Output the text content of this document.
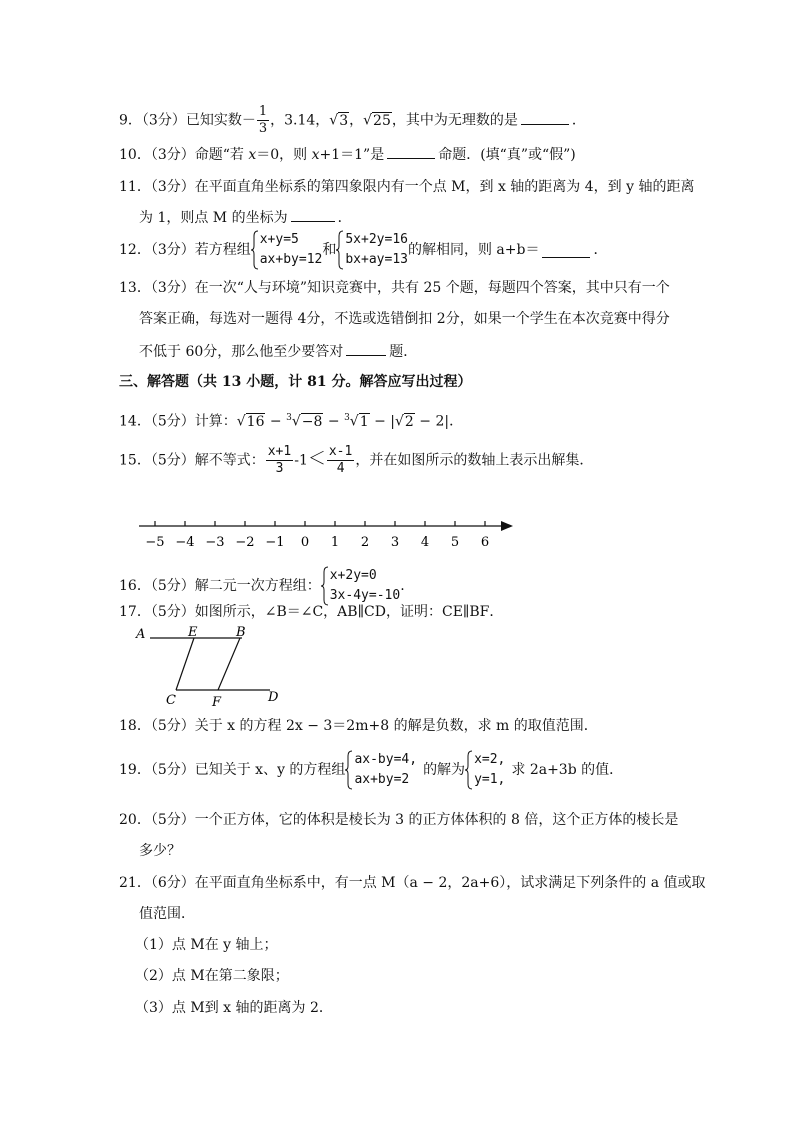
9．（3分）已知实数－ $\frac{1}{3}$ ，3.14，√3，√25，其中为无理数的是	．
10．（3分）命题“若 x＝0，则 x+1＝1”是	命题．(填“真”或“假”)
11．（3分）在平面直角坐标系的第四象限内有一个点 M，到 x 轴的距离为 4，到 y 轴的距离
为 1，则点 M 的坐标为	．
12．（3分）若方程组
x+y=5
ax+by=12
和
5x+2y=16
bx+ay=13
的解相同，则 a+b＝	．
13．（3分）在一次“人与环境”知识竞赛中，共有 25 个题，每题四个答案，其中只有一个
答案正确，每选对一题得 4分，不选或选错倒扣 2分，如果一个学生在本次竞赛中得分
不低于 60分，那么他至少要答对	题．
三、解答题（共 13 小题，计 81 分。解答应写出过程）
14．（5分）计算：√16 − $^3$√−8 − $^3$√1 − |√2 − 2|．
15．（5分）解不等式： $\frac{x+1}{3} -1< \frac{x-1}{4}$ ，并在如图所示的数轴上表示出解集．
−5 −4 −3 −2 −1 0 1 2 3 4 5 6
16．（5分）解二元一次方程组：
x+2y=0
3x-4y=-10
.
17．（5分）如图所示，∠B＝∠C，AB∥CD，证明：CE∥BF．
A	E	B
C	F	D
18．（5分）关于 x 的方程 2x − 3＝2m+8 的解是负数，求 m 的取值范围．
19．（5分）已知关于 x、y 的方程组
ax-by=4,
ax+by=2
的解为
x=2,
y=1,
求 2a+3b 的值．
20．（5分）一个正方体，它的体积是棱长为 3 的正方体体积的 8 倍，这个正方体的棱长是
多少？
21．（6分）在平面直角坐标系中，有一点 M（a − 2，2a+6），试求满足下列条件的 a 值或取
值范围．
（1）点 M在 y 轴上；
（2）点 M在第二象限；
（3）点 M到 x 轴的距离为 2．
